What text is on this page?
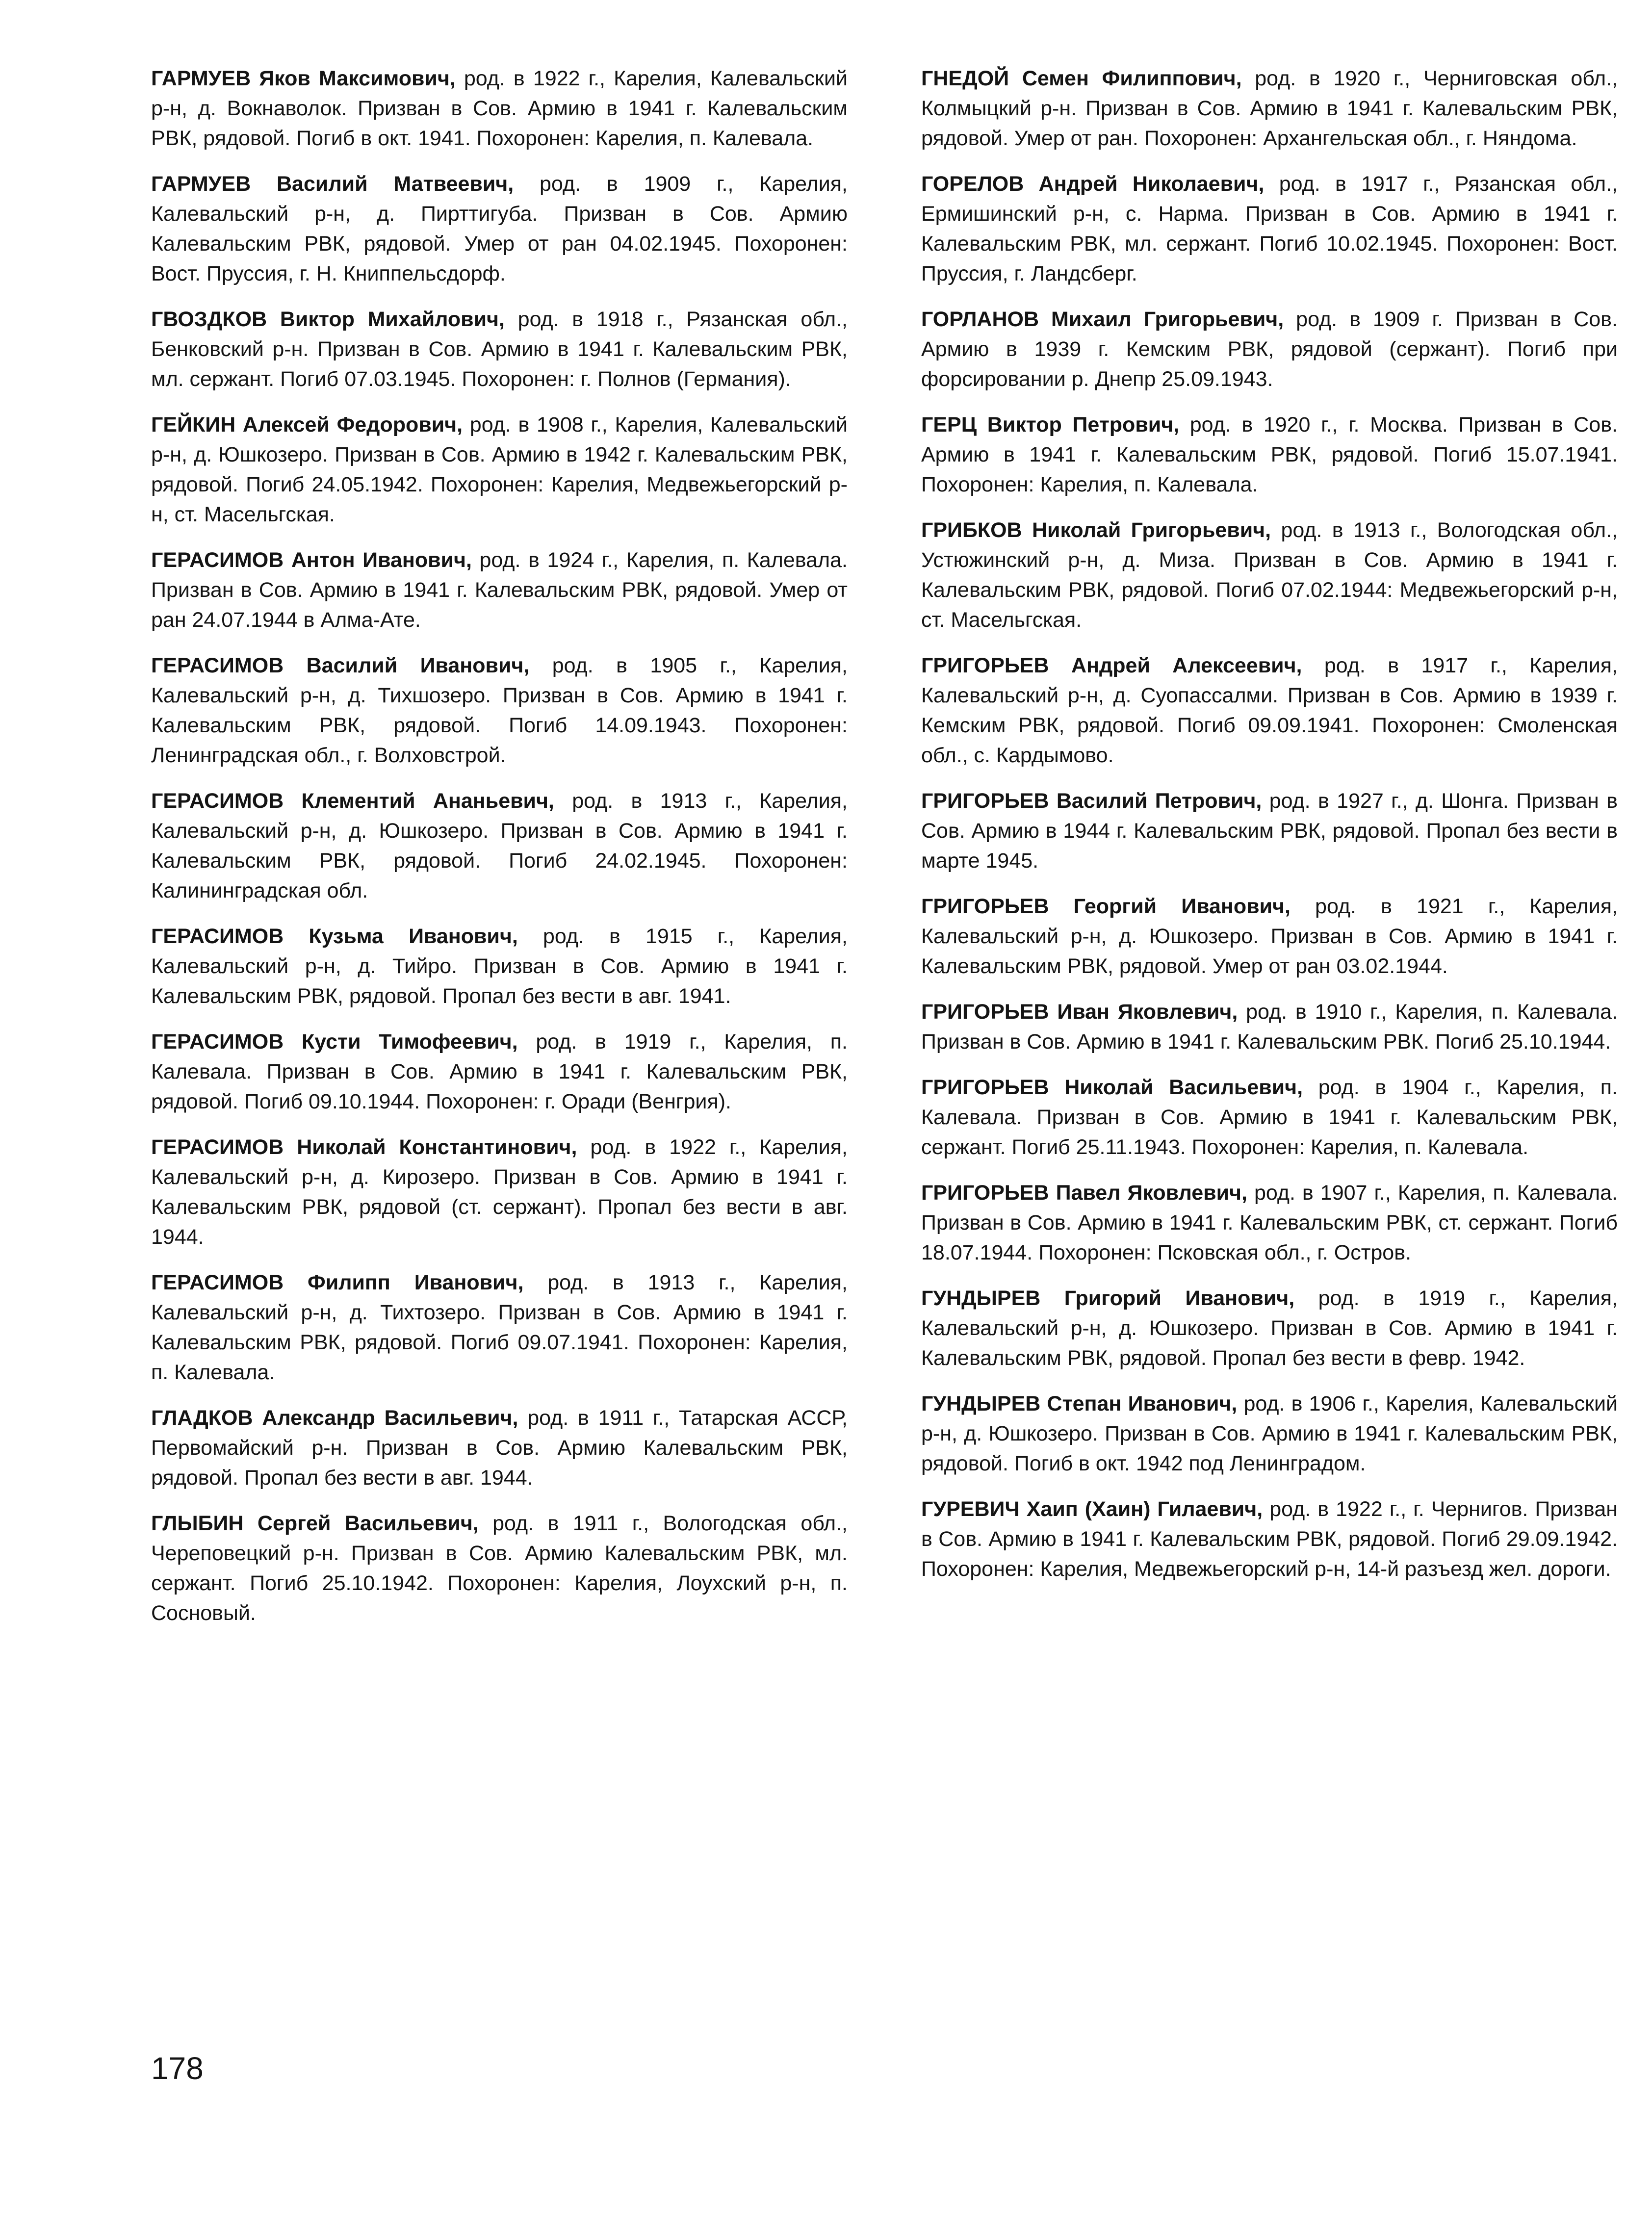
ГАРМУЕВ Яков Максимович, род. в 1922 г., Карелия, Калевальский р-н, д. Вокнаволок. Призван в Сов. Армию в 1941 г. Калевальским РВК, рядовой. Погиб в окт. 1941. Похоронен: Карелия, п. Калевала.

ГАРМУЕВ Василий Матвеевич, род. в 1909 г., Карелия, Калевальский р-н, д. Пирттигуба. Призван в Сов. Армию Калевальским РВК, рядовой. Умер от ран 04.02.1945. Похоронен: Вост. Пруссия, г. Н. Книппельсдорф.

ГВОЗДКОВ Виктор Михайлович, род. в 1918 г., Рязанская обл., Бенковский р-н. Призван в Сов. Армию в 1941 г. Калевальским РВК, мл. сержант. Погиб 07.03.1945. Похоронен: г. Полнов (Германия).

ГЕЙКИН Алексей Федорович, род. в 1908 г., Карелия, Калевальский р-н, д. Юшкозеро. Призван в Сов. Армию в 1942 г. Калевальским РВК, рядовой. Погиб 24.05.1942. Похоронен: Карелия, Медвежьегорский р-н, ст. Масельгская.

ГЕРАСИМОВ Антон Иванович, род. в 1924 г., Карелия, п. Калевала. Призван в Сов. Армию в 1941 г. Калевальским РВК, рядовой. Умер от ран 24.07.1944 в Алма-Ате.

ГЕРАСИМОВ Василий Иванович, род. в 1905 г., Карелия, Калевальский р-н, д. Тихшозеро. Призван в Сов. Армию в 1941 г. Калевальским РВК, рядовой. Погиб 14.09.1943. Похоронен: Ленинградская обл., г. Волховстрой.

ГЕРАСИМОВ Клементий Ананьевич, род. в 1913 г., Карелия, Калевальский р-н, д. Юшкозеро. Призван в Сов. Армию в 1941 г. Калевальским РВК, рядовой. Погиб 24.02.1945. Похоронен: Калининградская обл.

ГЕРАСИМОВ Кузьма Иванович, род. в 1915 г., Карелия, Калевальский р-н, д. Тийро. Призван в Сов. Армию в 1941 г. Калевальским РВК, рядовой. Пропал без вести в авг. 1941.

ГЕРАСИМОВ Кусти Тимофеевич, род. в 1919 г., Карелия, п. Калевала. Призван в Сов. Армию в 1941 г. Калевальским РВК, рядовой. Погиб 09.10.1944. Похоронен: г. Оради (Венгрия).

ГЕРАСИМОВ Николай Константинович, род. в 1922 г., Карелия, Калевальский р-н, д. Кирозеро. Призван в Сов. Армию в 1941 г. Калевальским РВК, рядовой (ст. сержант). Пропал без вести в авг. 1944.

ГЕРАСИМОВ Филипп Иванович, род. в 1913 г., Карелия, Калевальский р-н, д. Тихтозеро. Призван в Сов. Армию в 1941 г. Калевальским РВК, рядовой. Погиб 09.07.1941. Похоронен: Карелия, п. Калевала.

ГЛАДКОВ Александр Васильевич, род. в 1911 г., Татарская АССР, Первомайский р-н. Призван в Сов. Армию Калевальским РВК, рядовой. Пропал без вести в авг. 1944.

ГЛЫБИН Сергей Васильевич, род. в 1911 г., Вологодская обл., Череповецкий р-н. Призван в Сов. Армию Калевальским РВК, мл. сержант. Погиб 25.10.1942. Похоронен: Карелия, Лоухский р-н, п. Сосновый.

ГНЕДОЙ Семен Филиппович, род. в 1920 г., Черниговская обл., Колмыцкий р-н. Призван в Сов. Армию в 1941 г. Калевальским РВК, рядовой. Умер от ран. Похоронен: Архангельская обл., г. Няндома.

ГОРЕЛОВ Андрей Николаевич, род. в 1917 г., Рязанская обл., Ермишинский р-н, с. Нарма. Призван в Сов. Армию в 1941 г. Калевальским РВК, мл. сержант. Погиб 10.02.1945. Похоронен: Вост. Пруссия, г. Ландсберг.

ГОРЛАНОВ Михаил Григорьевич, род. в 1909 г. Призван в Сов. Армию в 1939 г. Кемским РВК, рядовой (сержант). Погиб при форсировании р. Днепр 25.09.1943.

ГЕРЦ Виктор Петрович, род. в 1920 г., г. Москва. Призван в Сов. Армию в 1941 г. Калевальским РВК, рядовой. Погиб 15.07.1941. Похоронен: Карелия, п. Калевала.

ГРИБКОВ Николай Григорьевич, род. в 1913 г., Вологодская обл., Устюжинский р-н, д. Миза. Призван в Сов. Армию в 1941 г. Калевальским РВК, рядовой. Погиб 07.02.1944: Медвежьегорский р-н, ст. Масельгская.

ГРИГОРЬЕВ Андрей Алексеевич, род. в 1917 г., Карелия, Калевальский р-н, д. Суопассалми. Призван в Сов. Армию в 1939 г. Кемским РВК, рядовой. Погиб 09.09.1941. Похоронен: Смоленская обл., с. Кардымово.

ГРИГОРЬЕВ Василий Петрович, род. в 1927 г., д. Шонга. Призван в Сов. Армию в 1944 г. Калевальским РВК, рядовой. Пропал без вести в марте 1945.

ГРИГОРЬЕВ Георгий Иванович, род. в 1921 г., Карелия, Калевальский р-н, д. Юшкозеро. Призван в Сов. Армию в 1941 г. Калевальским РВК, рядовой. Умер от ран 03.02.1944.

ГРИГОРЬЕВ Иван Яковлевич, род. в 1910 г., Карелия, п. Калевала. Призван в Сов. Армию в 1941 г. Калевальским РВК. Погиб 25.10.1944.

ГРИГОРЬЕВ Николай Васильевич, род. в 1904 г., Карелия, п. Калевала. Призван в Сов. Армию в 1941 г. Калевальским РВК, сержант. Погиб 25.11.1943. Похоронен: Карелия, п. Калевала.

ГРИГОРЬЕВ Павел Яковлевич, род. в 1907 г., Карелия, п. Калевала. Призван в Сов. Армию в 1941 г. Калевальским РВК, ст. сержант. Погиб 18.07.1944. Похоронен: Псковская обл., г. Остров.

ГУНДЫРЕВ Григорий Иванович, род. в 1919 г., Карелия, Калевальский р-н, д. Юшкозеро. Призван в Сов. Армию в 1941 г. Калевальским РВК, рядовой. Пропал без вести в февр. 1942.

ГУНДЫРЕВ Степан Иванович, род. в 1906 г., Карелия, Калевальский р-н, д. Юшкозеро. Призван в Сов. Армию в 1941 г. Калевальским РВК, рядовой. Погиб в окт. 1942 под Ленинградом.

ГУРЕВИЧ Хаип (Хаин) Гилаевич, род. в 1922 г., г. Чернигов. Призван в Сов. Армию в 1941 г. Калевальским РВК, рядовой. Погиб 29.09.1942. Похоронен: Карелия, Медвежьегорский р-н, 14-й разъезд жел. дороги.

178
